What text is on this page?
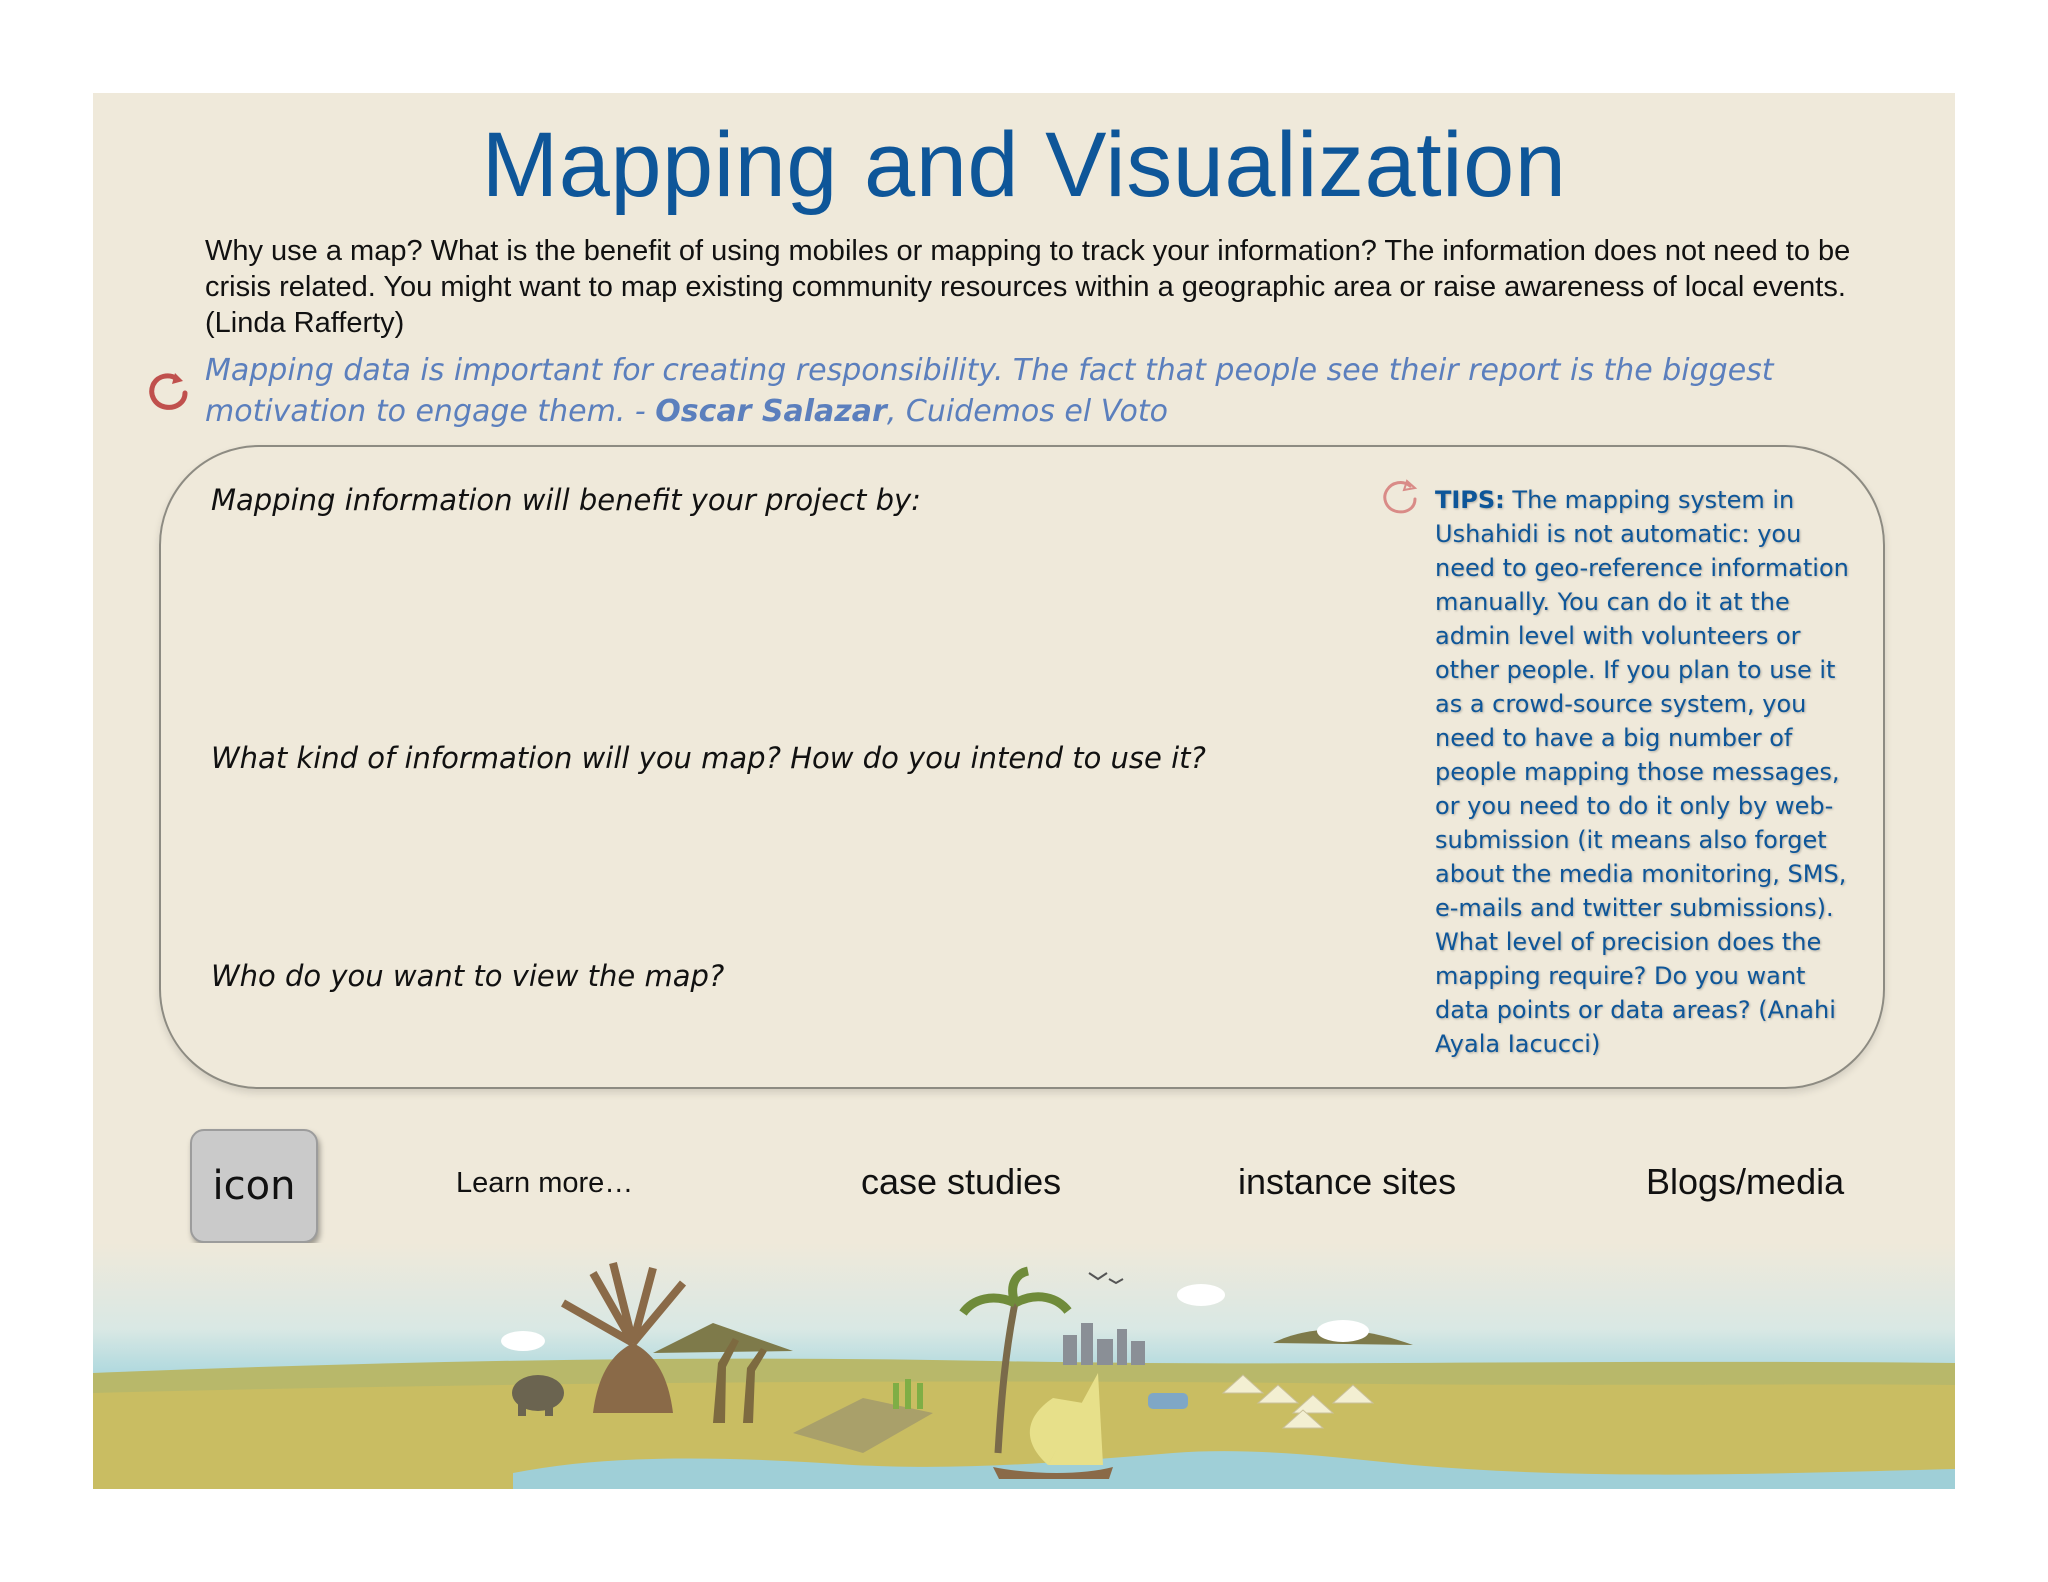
Mapping and Visualization
Why use a map? What is the benefit of using mobiles or mapping to track your information? The information does not need to be crisis related. You might want to map existing community resources within a geographic area or raise awareness of local events. (Linda Rafferty)
Mapping data is important for creating responsibility. The fact that people see their report is the biggest motivation to engage them. - Oscar Salazar, Cuidemos el Voto
Mapping information will benefit your project by:
What kind of information will you map? How do you intend to use it?
Who do you want to view the map?
TIPS: The mapping system in Ushahidi is not automatic: you need to geo-reference information manually. You can do it at the admin level with volunteers or other people. If you plan to use it as a crowd-source system, you need to have a big number of people mapping those messages, or you need to do it only by web-submission (it means also forget about the media monitoring, SMS, e-mails and twitter submissions). What level of precision does the mapping require? Do you want data points or data areas? (Anahi Ayala Iacucci)
icon	Learn more…	case studies	instance sites	Blogs/media
